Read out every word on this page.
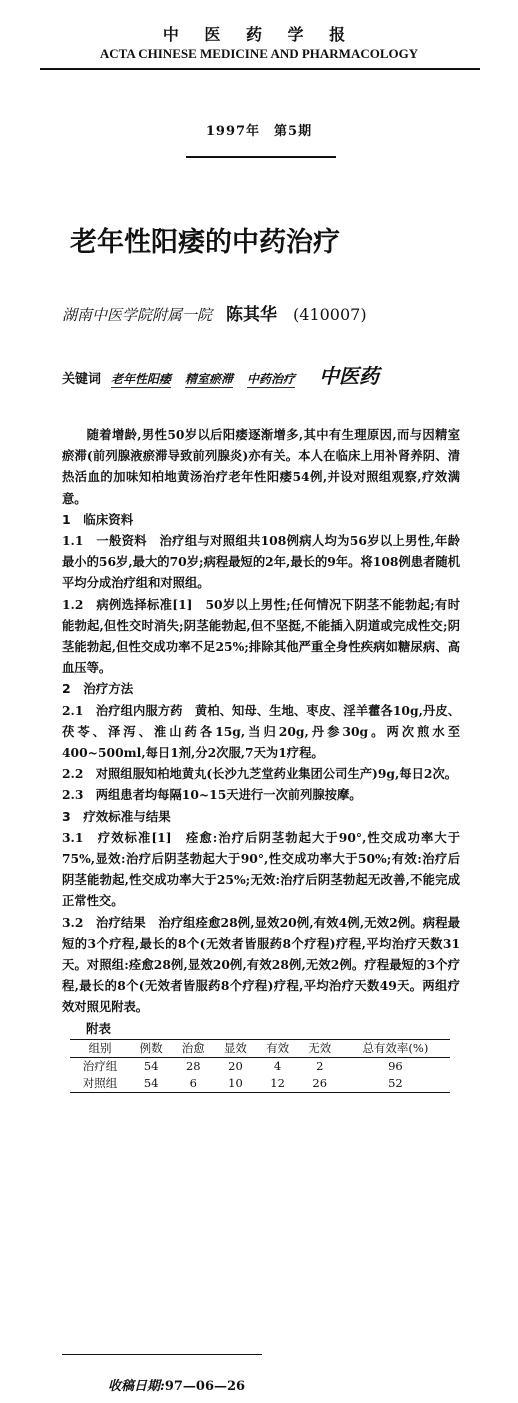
中 医 药 学 报
ACTA CHINESE MEDICINE AND PHARMACOLOGY
1997年　第5期
老年性阳痿的中药治疗
湖南中医学院附属一院 陈其华 (410007)
关键词 老年性阳痿 精室瘀滞 中药治疗 中医药

随着增龄,男性50岁以后阳痿逐渐增多,其中有生理原因,而与因精室瘀滞(前列腺液瘀滞导致前列腺炎)亦有关。本人在临床上用补肾养阴、清热活血的加味知柏地黄汤治疗老年性阳痿54例,并设对照组观察,疗效满意。

1　临床资料

1.1　一般资料　治疗组与对照组共108例病人均为56岁以上男性,年龄最小的56岁,最大的70岁;病程最短的2年,最长的9年。将108例患者随机平均分成治疗组和对照组。

1.2　病例选择标准[1]　50岁以上男性;任何情况下阴茎不能勃起;有时能勃起,但性交时消失;阴茎能勃起,但不坚挺,不能插入阴道或完成性交;阴茎能勃起,但性交成功率不足25%;排除其他严重全身性疾病如糖尿病、高血压等。

2　治疗方法

2.1　治疗组内服方药　黄柏、知母、生地、枣皮、淫羊藿各10g,丹皮、茯苓、泽泻、淮山药各15g,当归20g,丹参30g。两次煎水至400~500ml,每日1剂,分2次服,7天为1疗程。

2.2　对照组服知柏地黄丸(长沙九芝堂药业集团公司生产)9g,每日2次。

2.3　两组患者均每隔10~15天进行一次前列腺按摩。

3　疗效标准与结果

3.1　疗效标准[1]　痊愈:治疗后阴茎勃起大于90°,性交成功率大于75%,显效:治疗后阴茎勃起大于90°,性交成功率大于50%;有效:治疗后阴茎能勃起,性交成功率大于25%;无效:治疗后阴茎勃起无改善,不能完成正常性交。

3.2　治疗结果　治疗组痊愈28例,显效20例,有效4例,无效2例。病程最短的3个疗程,最长的8个(无效者皆服药8个疗程)疗程,平均治疗天数31天。对照组:痊愈28例,显效20例,有效28例,无效2例。疗程最短的3个疗程,最长的8个(无效者皆服药8个疗程)疗程,平均治疗天数49天。两组疗效对照见附表。

附表
组别	例数	治愈	显效	有效	无效	总有效率(%)
治疗组	54	28	20	4	2	96
对照组	54	6	10	12	26	52
收稿日期:97—06—26
